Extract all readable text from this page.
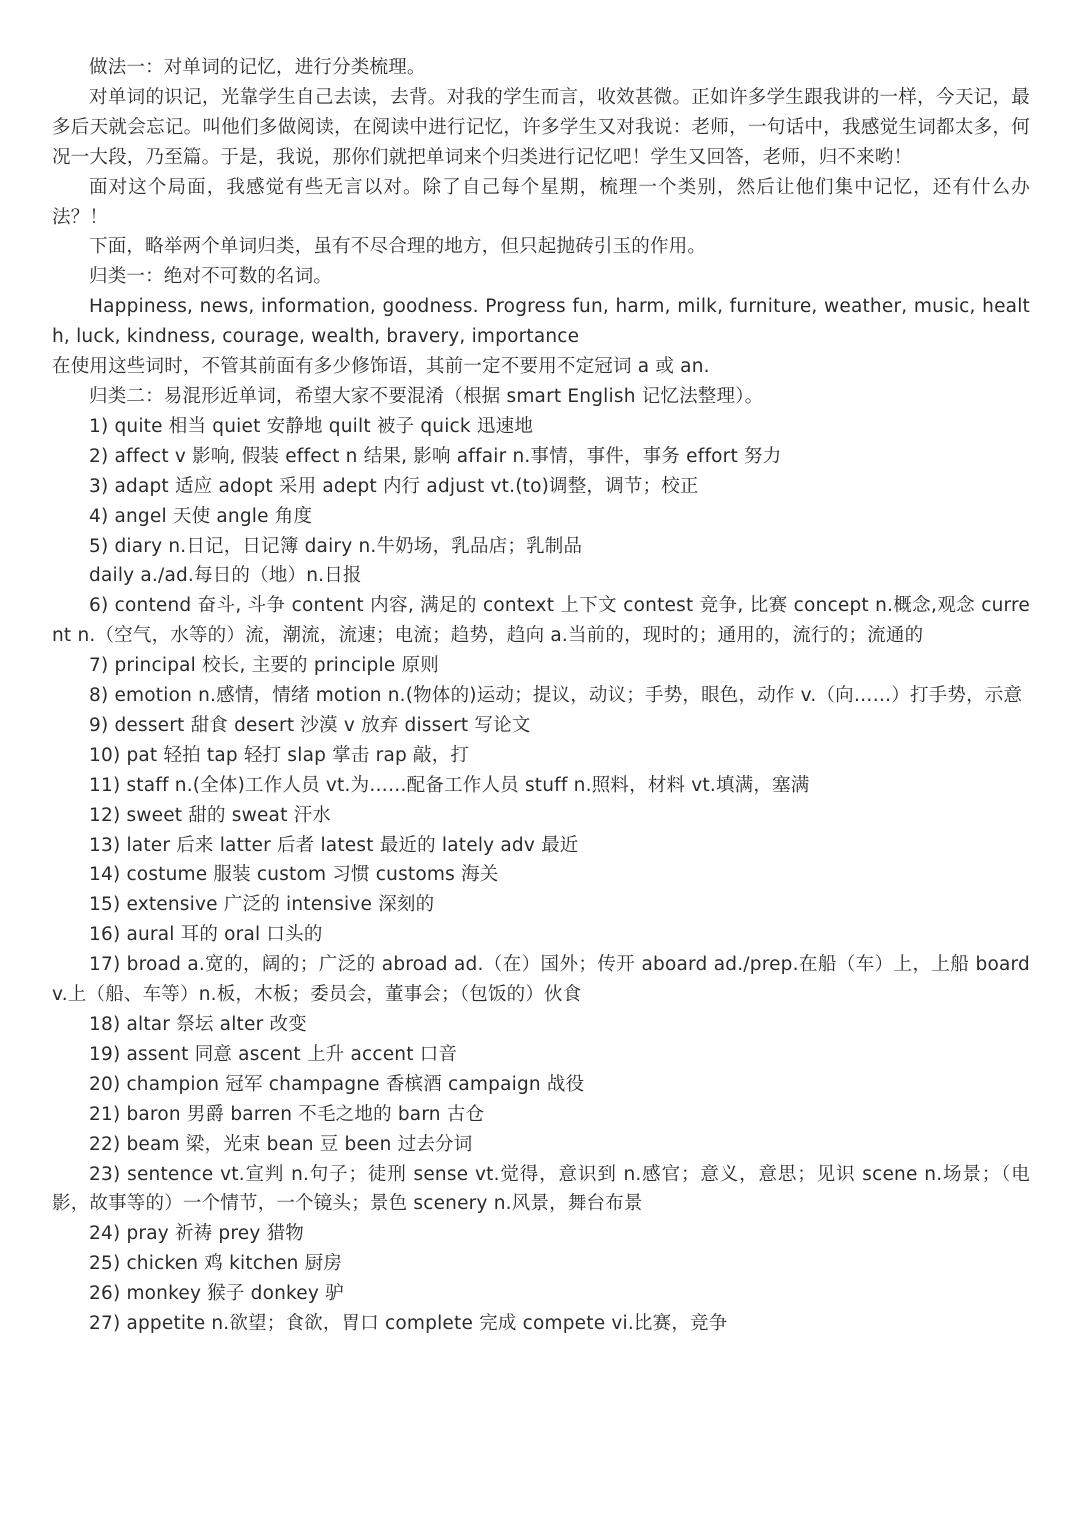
做法一：对单词的记忆，进行分类梳理。

对单词的识记，光靠学生自己去读，去背。对我的学生而言，收效甚微。正如许多学生跟我讲的一样，今天记，最多后天就会忘记。叫他们多做阅读，在阅读中进行记忆，许多学生又对我说：老师，一句话中，我感觉生词都太多，何况一大段，乃至篇。于是，我说，那你们就把单词来个归类进行记忆吧！学生又回答，老师，归不来哟！

面对这个局面，我感觉有些无言以对。除了自己每个星期，梳理一个类别，然后让他们集中记忆，还有什么办法？！

下面，略举两个单词归类，虽有不尽合理的地方，但只起抛砖引玉的作用。

归类一：绝对不可数的名词。

Happiness, news, information, goodness. Progress fun, harm, milk, furniture, weather, music, health, luck, kindness, courage, wealth, bravery, importance

在使用这些词时，不管其前面有多少修饰语，其前一定不要用不定冠词 a 或 an.

归类二：易混形近单词，希望大家不要混淆（根据 smart English 记忆法整理）。

1) quite 相当 quiet 安静地 quilt 被子 quick 迅速地

2) affect v 影响, 假装 effect n 结果, 影响 affair n.事情，事件，事务 effort 努力

3) adapt 适应 adopt 采用 adept 内行 adjust vt.(to)调整，调节；校正

4) angel 天使 angle 角度

5) diary n.日记，日记簿 dairy n.牛奶场，乳品店；乳制品

daily a./ad.每日的（地）n.日报

6) contend 奋斗, 斗争 content 内容, 满足的 context 上下文 contest 竞争, 比赛 concept n.概念,观念 current n.（空气，水等的）流，潮流，流速；电流；趋势，趋向 a.当前的，现时的；通用的，流行的；流通的

7) principal 校长, 主要的 principle 原则

8) emotion n.感情，情绪 motion n.(物体的)运动；提议，动议；手势，眼色，动作 v.（向……）打手势，示意

9) dessert 甜食 desert 沙漠 v 放弃 dissert 写论文

10) pat 轻拍 tap 轻打 slap 掌击 rap 敲，打

11) staff n.(全体)工作人员 vt.为……配备工作人员 stuff n.照料，材料 vt.填满，塞满

12) sweet 甜的 sweat 汗水

13) later 后来 latter 后者 latest 最近的 lately adv 最近

14) costume 服装 custom 习惯 customs 海关

15) extensive 广泛的 intensive 深刻的

16) aural 耳的 oral 口头的

17) broad a.宽的，阔的；广泛的 abroad ad.（在）国外；传开 aboard ad./prep.在船（车）上，上船 board v.上（船、车等）n.板，木板；委员会，董事会；（包饭的）伙食

18) altar 祭坛 alter 改变

19) assent 同意 ascent 上升 accent 口音

20) champion 冠军 champagne 香槟酒 campaign 战役

21) baron 男爵 barren 不毛之地的 barn 古仓

22) beam 梁，光束 bean 豆 been 过去分词

23) sentence vt.宣判 n.句子；徒刑 sense vt.觉得，意识到 n.感官；意义，意思；见识 scene n.场景；（电影，故事等的）一个情节，一个镜头；景色 scenery n.风景，舞台布景

24) pray 祈祷 prey 猎物

25) chicken 鸡 kitchen 厨房

26) monkey 猴子 donkey 驴

27) appetite n.欲望；食欲，胃口 complete 完成 compete vi.比赛，竞争
